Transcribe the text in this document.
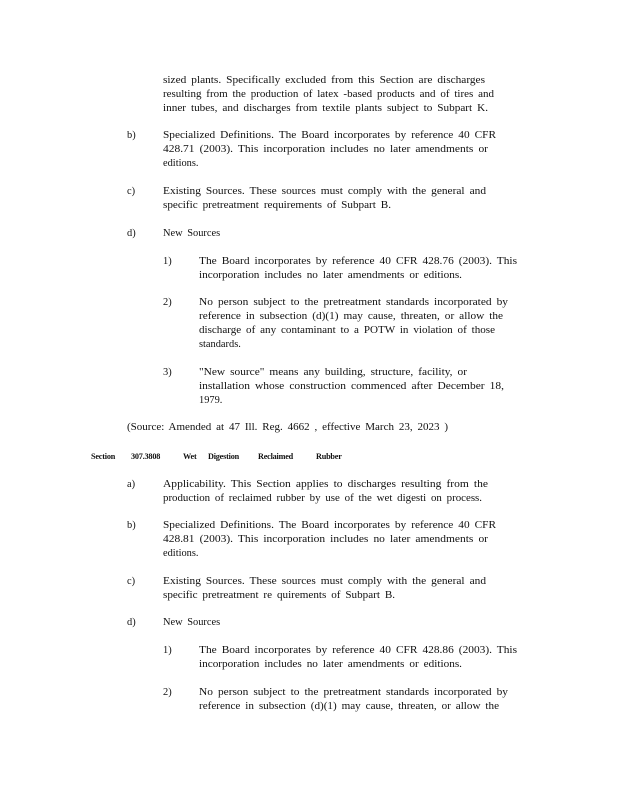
sized plants. Specifically excluded from this Section are discharges
resulting from the production of latex -based products and of tires and
inner tubes, and discharges from textile plants subject to Subpart K.
b)	Specialized Definitions. The Board incorporates by reference 40 CFR
428.71 (2003). This incorporation includes no later amendments or
editions.
c)	Existing Sources. These sources must comply with the general and
specific pretreatment requirements of Subpart B.
d)	New Sources
1)	The Board incorporates by reference 40 CFR 428.76 (2003). This
incorporation includes no later amendments or editions.
2)	No person subject to the pretreatment standards incorporated by
reference in subsection (d)(1) may cause, threaten, or allow the
discharge of any contaminant to a POTW in violation of those
standards.
3)	"New source" means any building, structure, facility, or
installation whose construction commenced after December 18,
1979.
(Source: Amended at 47 Ill. Reg. 4662 , effective March 23, 2023 )
Section 307.3808	Wet Digestion Reclaimed	Rubber
a)	Applicability. This Section applies to discharges resulting from the
production of reclaimed rubber by use of the wet digesti on process.
b)	Specialized Definitions. The Board incorporates by reference 40 CFR
428.81 (2003). This incorporation includes no later amendments or
editions.
c)	Existing Sources. These sources must comply with the general and
specific pretreatment re quirements of Subpart B.
d)	New Sources
1)	The Board incorporates by reference 40 CFR 428.86 (2003). This
incorporation includes no later amendments or editions.
2)	No person subject to the pretreatment standards incorporated by
reference in subsection (d)(1) may cause, threaten, or allow the
